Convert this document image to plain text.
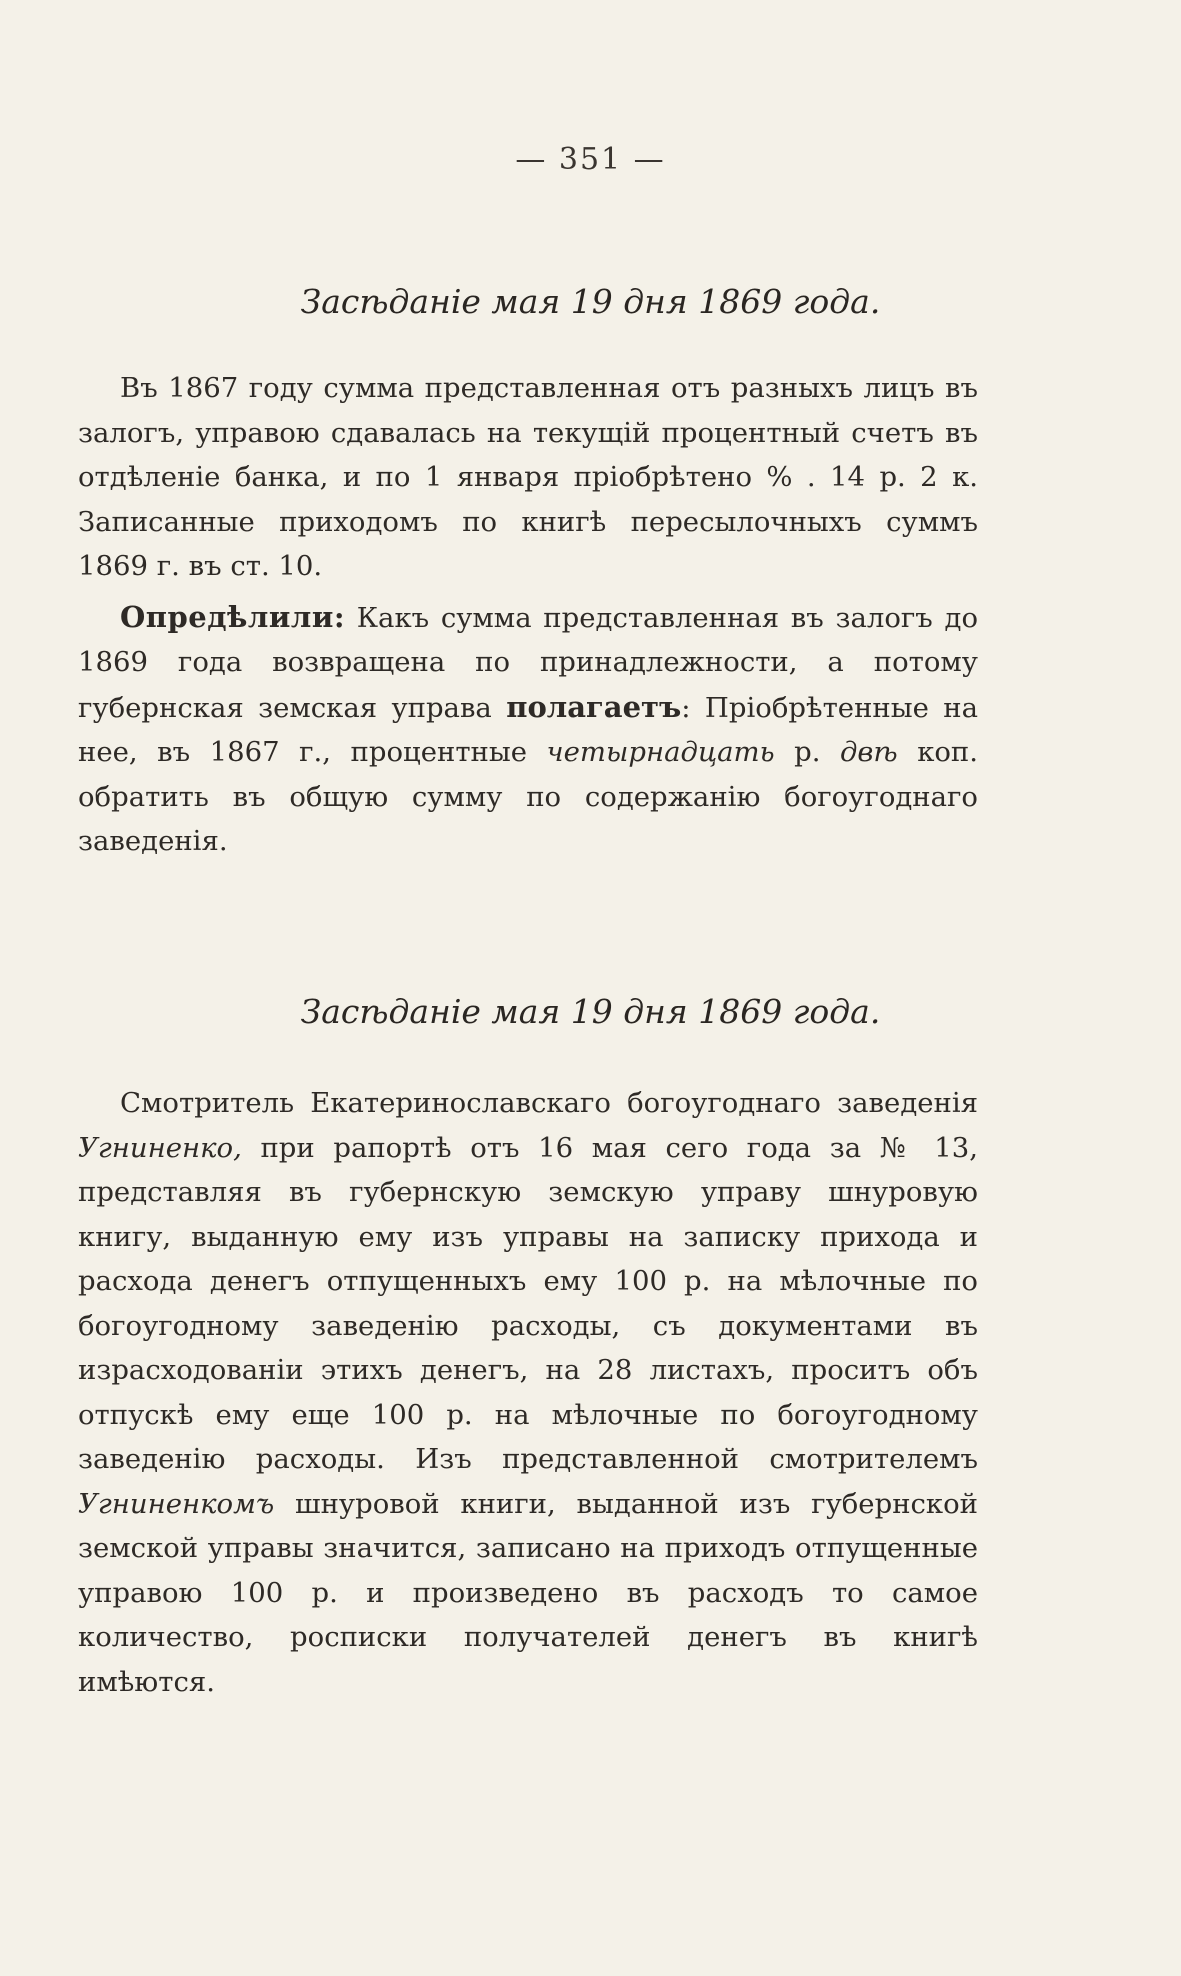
— 351 —
Засѣданіе мая 19 дня 1869 года.

Въ 1867 году сумма представленная отъ разныхъ лицъ въ залогъ, управою сдавалась на текущій процентный счетъ въ отдѣленіе банка, и по 1 января пріобрѣтено % . 14 р. 2 к. Записанные приходомъ по книгѣ пересылочныхъ суммъ 1869 г. въ ст. 10.

Опредѣлили: Какъ сумма представленная въ залогъ до 1869 года возвращена по принадлежности, а потому губернская земская управа полагаетъ: Пріобрѣтенные на нее, въ 1867 г., процентные четырнадцать р. двѣ коп. обратить въ общую сумму по содержанію богоугоднаго заведенія.

Засѣданіе мая 19 дня 1869 года.

Смотритель Екатеринославскаго богоугоднаго заведенія Угниненко, при рапортѣ отъ 16 мая сего года за № 13, представляя въ губернскую земскую управу шнуровую книгу, выданную ему изъ управы на записку прихода и расхода денегъ отпущенныхъ ему 100 р. на мѣлочные по богоугодному заведенію расходы, съ документами въ израсходованіи этихъ денегъ, на 28 листахъ, проситъ объ отпускѣ ему еще 100 р. на мѣлочные по богоугодному заведенію расходы. Изъ представленной смотрителемъ Угниненкомъ шнуровой книги, выданной изъ губернской земской управы значится, записано на приходъ отпущенные управою 100 р. и произведено въ расходъ то самое количество, росписки получателей денегъ въ книгѣ имѣются.
